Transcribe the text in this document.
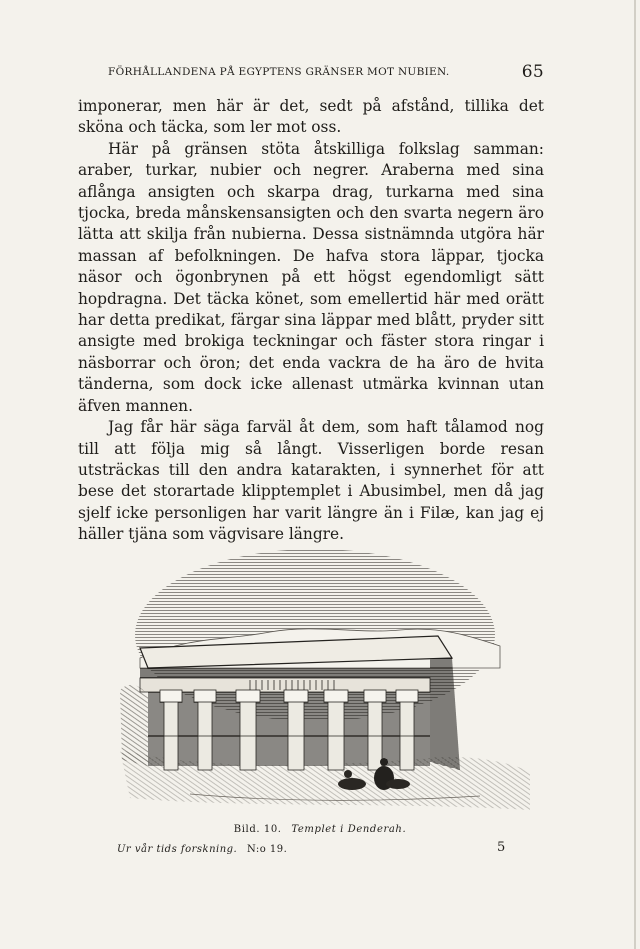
FÖRHÅLLANDENA PÅ EGYPTENS GRÄNSER MOT NUBIEN.	65

imponerar, men här är det, sedt på afstånd, tillika det sköna och täcka, som ler mot oss.

Här på gränsen stöta åtskilliga folkslag samman: araber, turkar, nubier och negrer. Araberna med sina aflånga ansigten och skarpa drag, turkarna med sina tjocka, breda månskensansigten och den svarta negern äro lätta att skilja från nubierna. Dessa sistnämnda utgöra här massan af befolkningen. De hafva stora läppar, tjocka näsor och ögonbrynen på ett högst egendomligt sätt hopdragna. Det täcka könet, som emellertid här med orätt har detta predikat, färgar sina läppar med blått, pryder sitt ansigte med brokiga teckningar och fäster stora ringar i näsborrar och öron; det enda vackra de ha äro de hvita tänderna, som dock icke allenast utmärka kvinnan utan äfven mannen.

Jag får här säga farväl åt dem, som haft tålamod nog till att följa mig så långt. Visserligen borde resan utsträckas till den andra katarakten, i synnerhet för att bese det storartade klipptemplet i Abusimbel, men då jag sjelf icke personligen har varit längre än i Filæ, kan jag ej häller tjäna som vägvisare längre.

Bild. 10. Templet i Denderah.
Ur vår tids forskning. N:o 19.	5
